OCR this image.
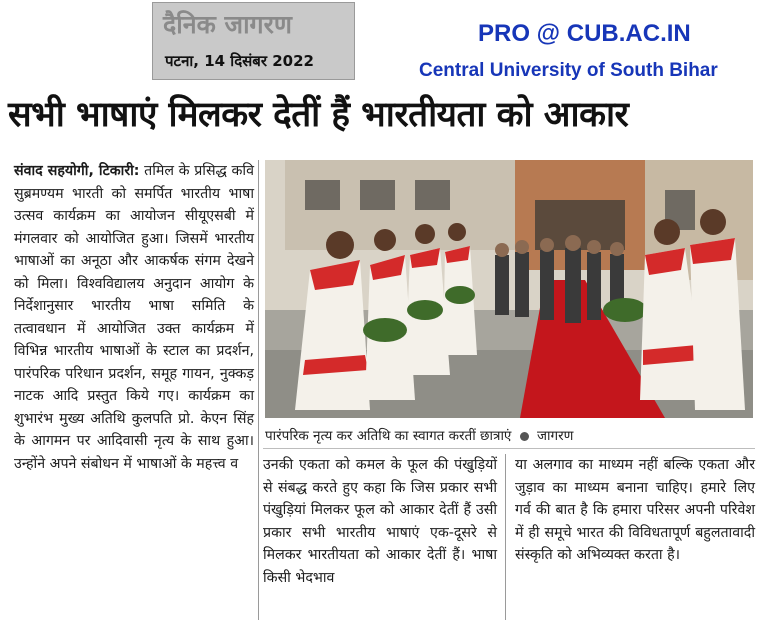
दैनिक जागरण
पटना, 14 दिसंबर 2022
PRO @ CUB.AC.IN
Central University of South Bihar
सभी भाषाएं मिलकर देतीं हैं भारतीयता को आकार

संवाद सहयोगी, टिकारी: तमिल के प्रसिद्ध कवि सुब्रमण्यम भारती को समर्पित भारतीय भाषा उत्सव कार्यक्रम का आयोजन सीयूएसबी में मंगलवार को आयोजित हुआ। जिसमें भारतीय भाषाओं का अनूठा और आकर्षक संगम देखने को मिला। विश्वविद्यालय अनुदान आयोग के निर्देशानुसार भारतीय भाषा समिति के तत्वावधान में आयोजित उक्त कार्यक्रम में विभिन्न भारतीय भाषाओं के स्टाल का प्रदर्शन, पारंपरिक परिधान प्रदर्शन, समूह गायन, नुक्कड़ नाटक आदि प्रस्तुत किये गए। कार्यक्रम का शुभारंभ मुख्य अतिथि कुलपति प्रो. केएन सिंह के आगमन पर आदिवासी नृत्य के साथ हुआ। उन्होंने अपने संबोधन में भाषाओं के महत्त्व व

पारंपरिक नृत्य कर अतिथि का स्वागत करतीं छात्राएं जागरण

उनकी एकता को कमल के फूल की पंखुड़ियों से संबद्ध करते हुए कहा कि जिस प्रकार सभी पंखुड़ियां मिलकर फूल को आकार देतीं हैं उसी प्रकार सभी भारतीय भाषाएं एक-दूसरे से मिलकर भारतीयता को आकार देतीं हैं। भाषा किसी भेदभाव

या अलगाव का माध्यम नहीं बल्कि एकता और जुड़ाव का माध्यम बनाना चाहिए। हमारे लिए गर्व की बात है कि हमारा परिसर अपनी परिवेश में ही समूचे भारत की विविधतापूर्ण बहुलतावादी संस्कृति को अभिव्यक्त करता है।
